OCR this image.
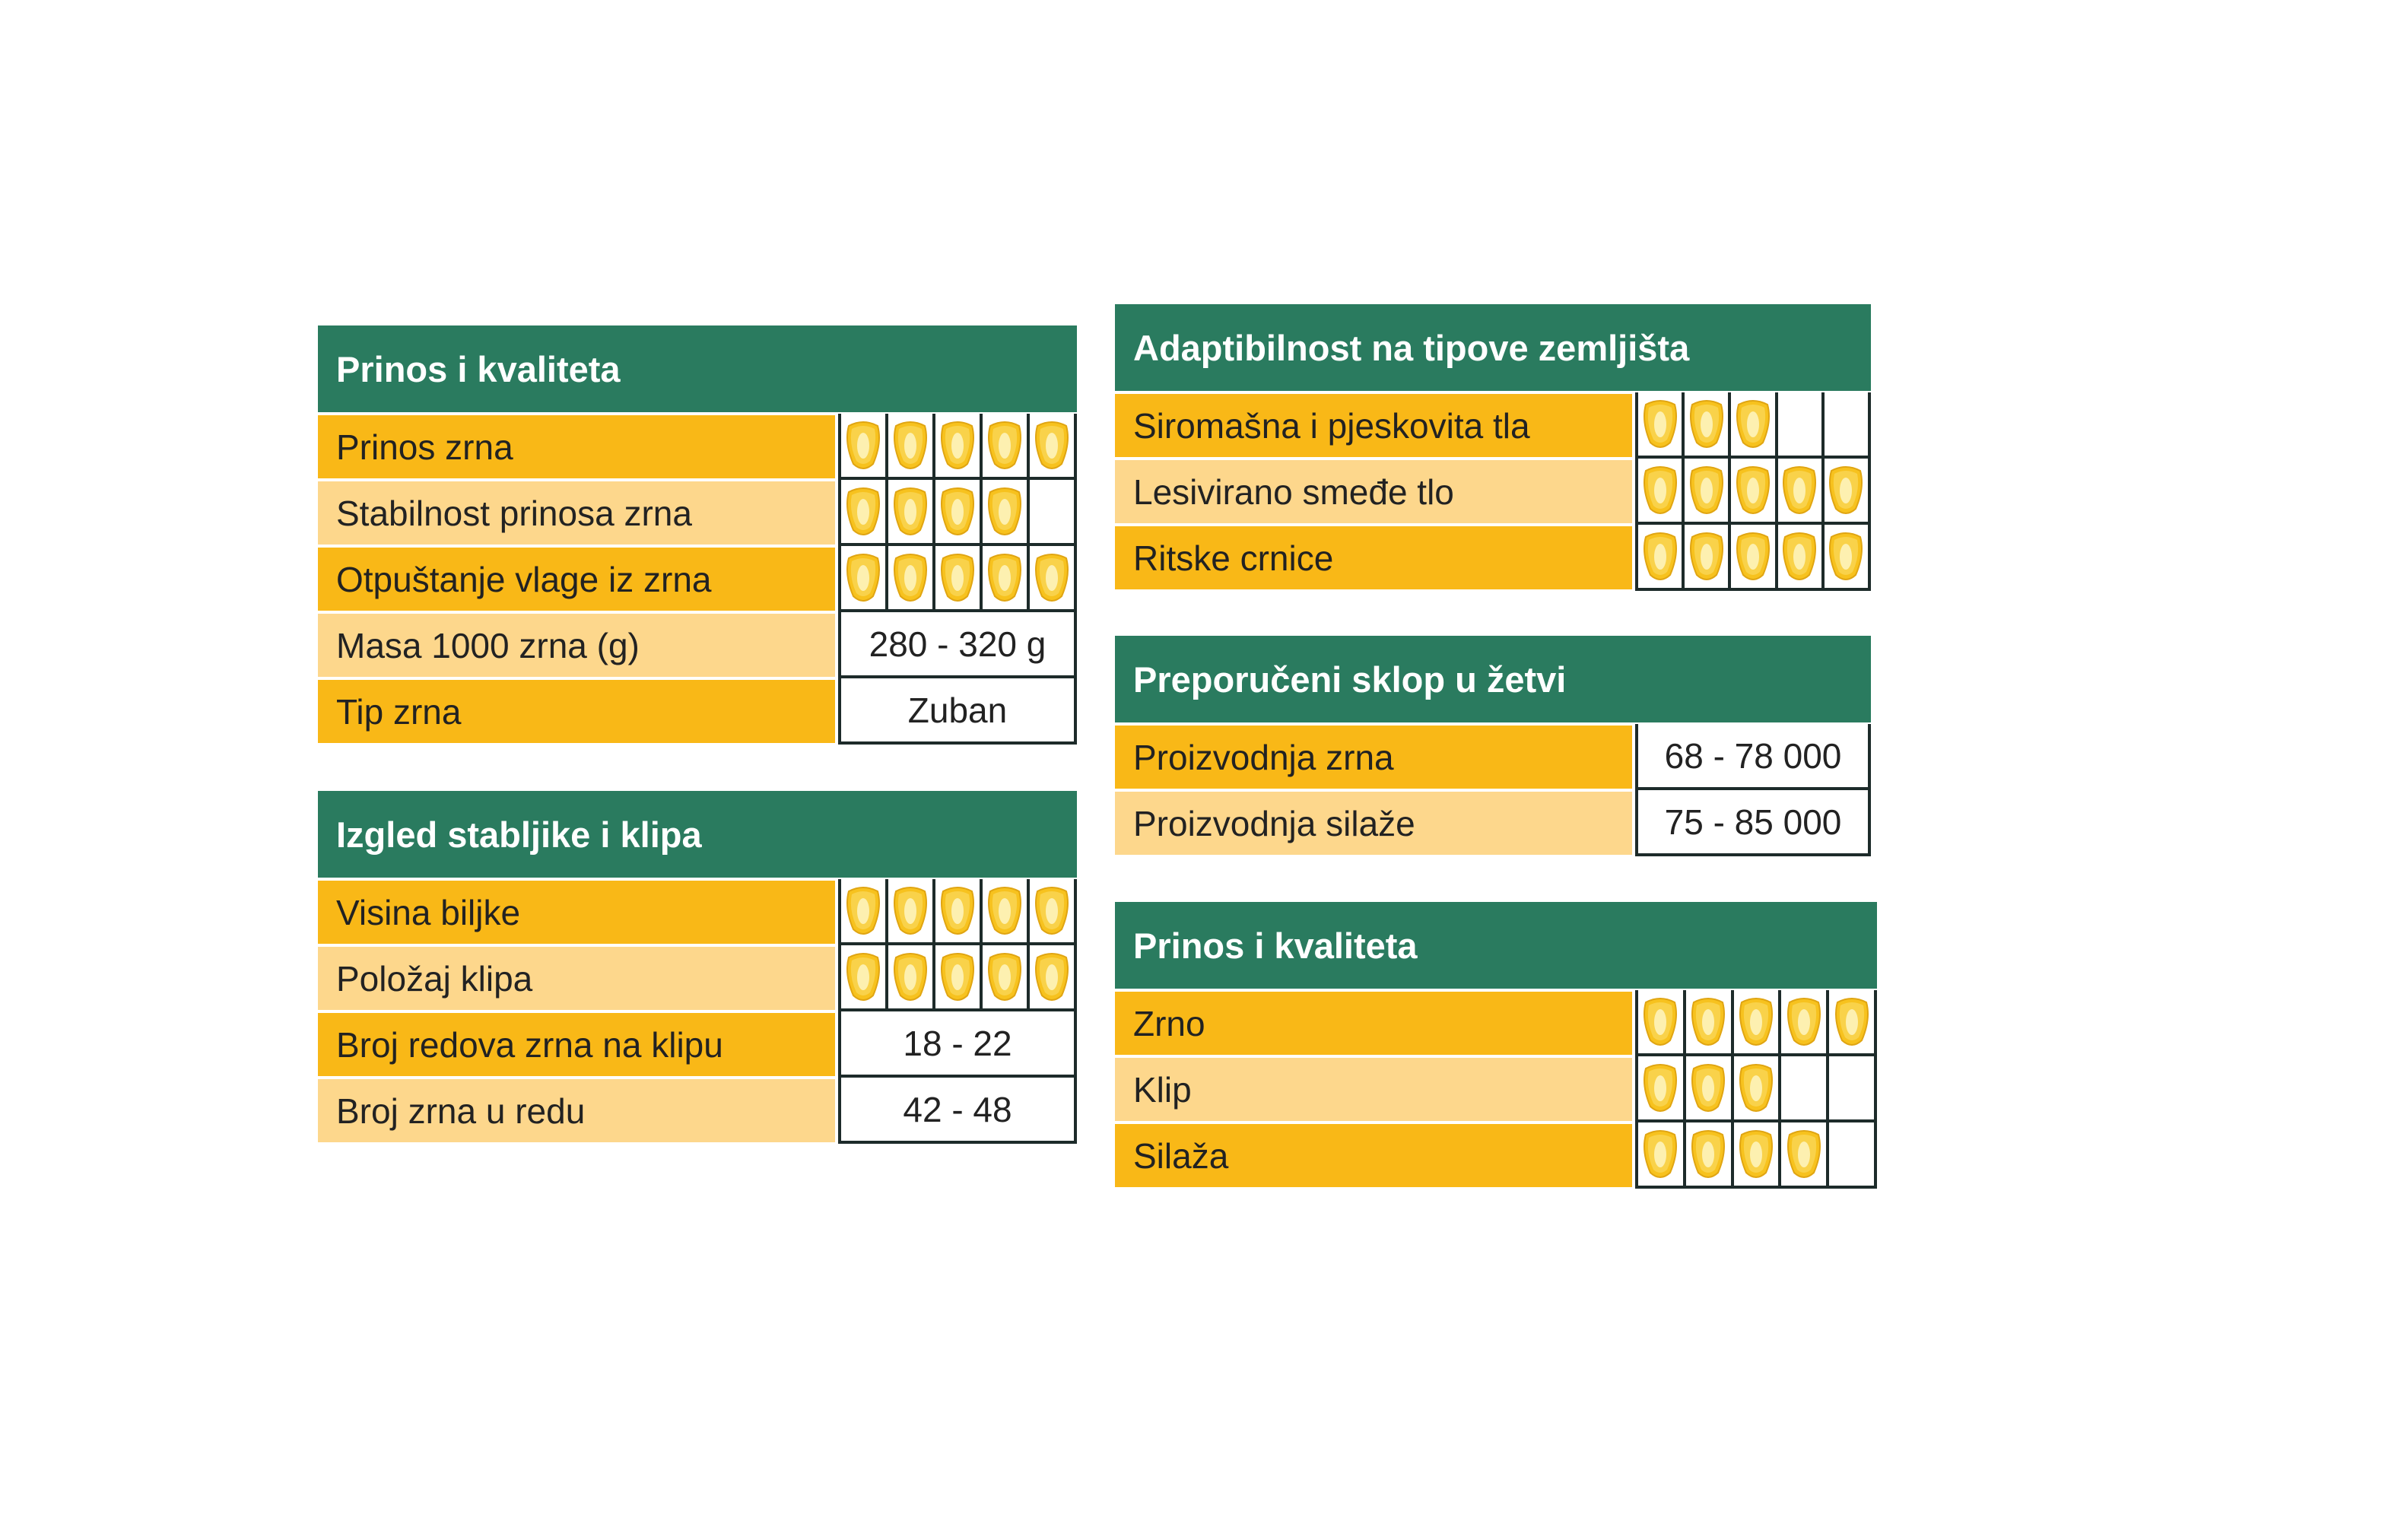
Prinos i kvaliteta
Prinos zrna
Stabilnost prinosa zrna
Otpuštanje vlage iz zrna
Masa 1000 zrna (g)	280 - 320 g
Tip zrna	Zuban
Izgled stabljike i klipa
Visina biljke
Položaj klipa
Broj redova zrna na klipu	18 - 22
Broj zrna u redu	42 - 48
Adaptibilnost na tipove zemljišta
Siromašna i pjeskovita tla
Lesivirano smeđe tlo
Ritske crnice
Preporučeni sklop u žetvi
Proizvodnja zrna	68 - 78 000
Proizvodnja silaže	75 - 85 000
Prinos i kvaliteta
Zrno
Klip
Silaža
